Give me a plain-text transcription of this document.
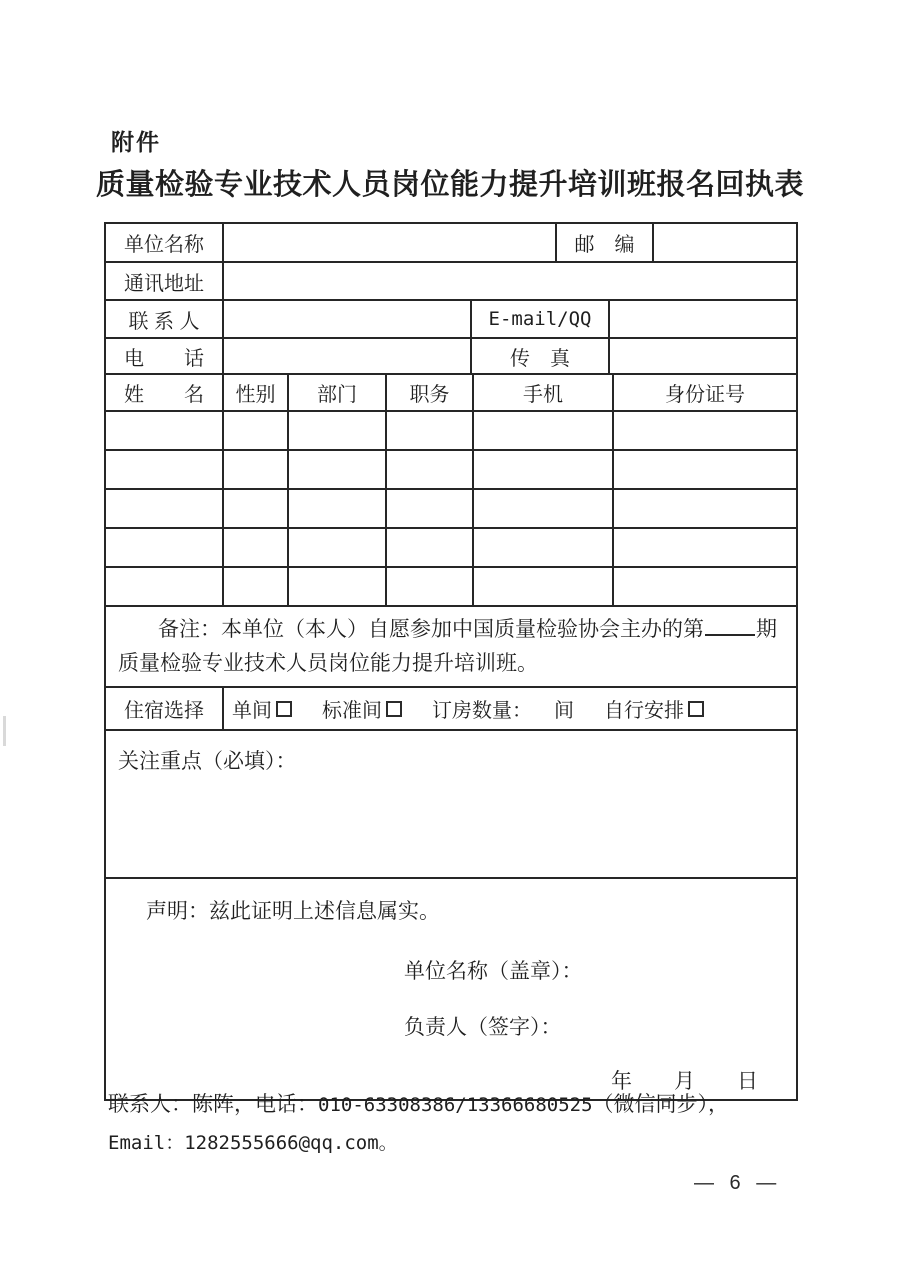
附件
质量检验专业技术人员岗位能力提升培训班报名回执表
单位名称	邮　编
通讯地址
联 系 人	E-mail/QQ
电　　话	传　真
姓　　名	性别	部门	职务	手机	身份证号
备注：本单位（本人）自愿参加中国质量检验协会主办的第 期
质量检验专业技术人员岗位能力提升培训班。
住宿选择	单间	标准间	订房数量： 间 自行安排
关注重点（必填）：
声明：兹此证明上述信息属实。
单位名称（盖章）：
负责人（签字）：
年　　月　　日
联系人：陈阵，电话：010-63308386/13366680525（微信同步），
Email：1282555666@qq.com。
— 6 —
